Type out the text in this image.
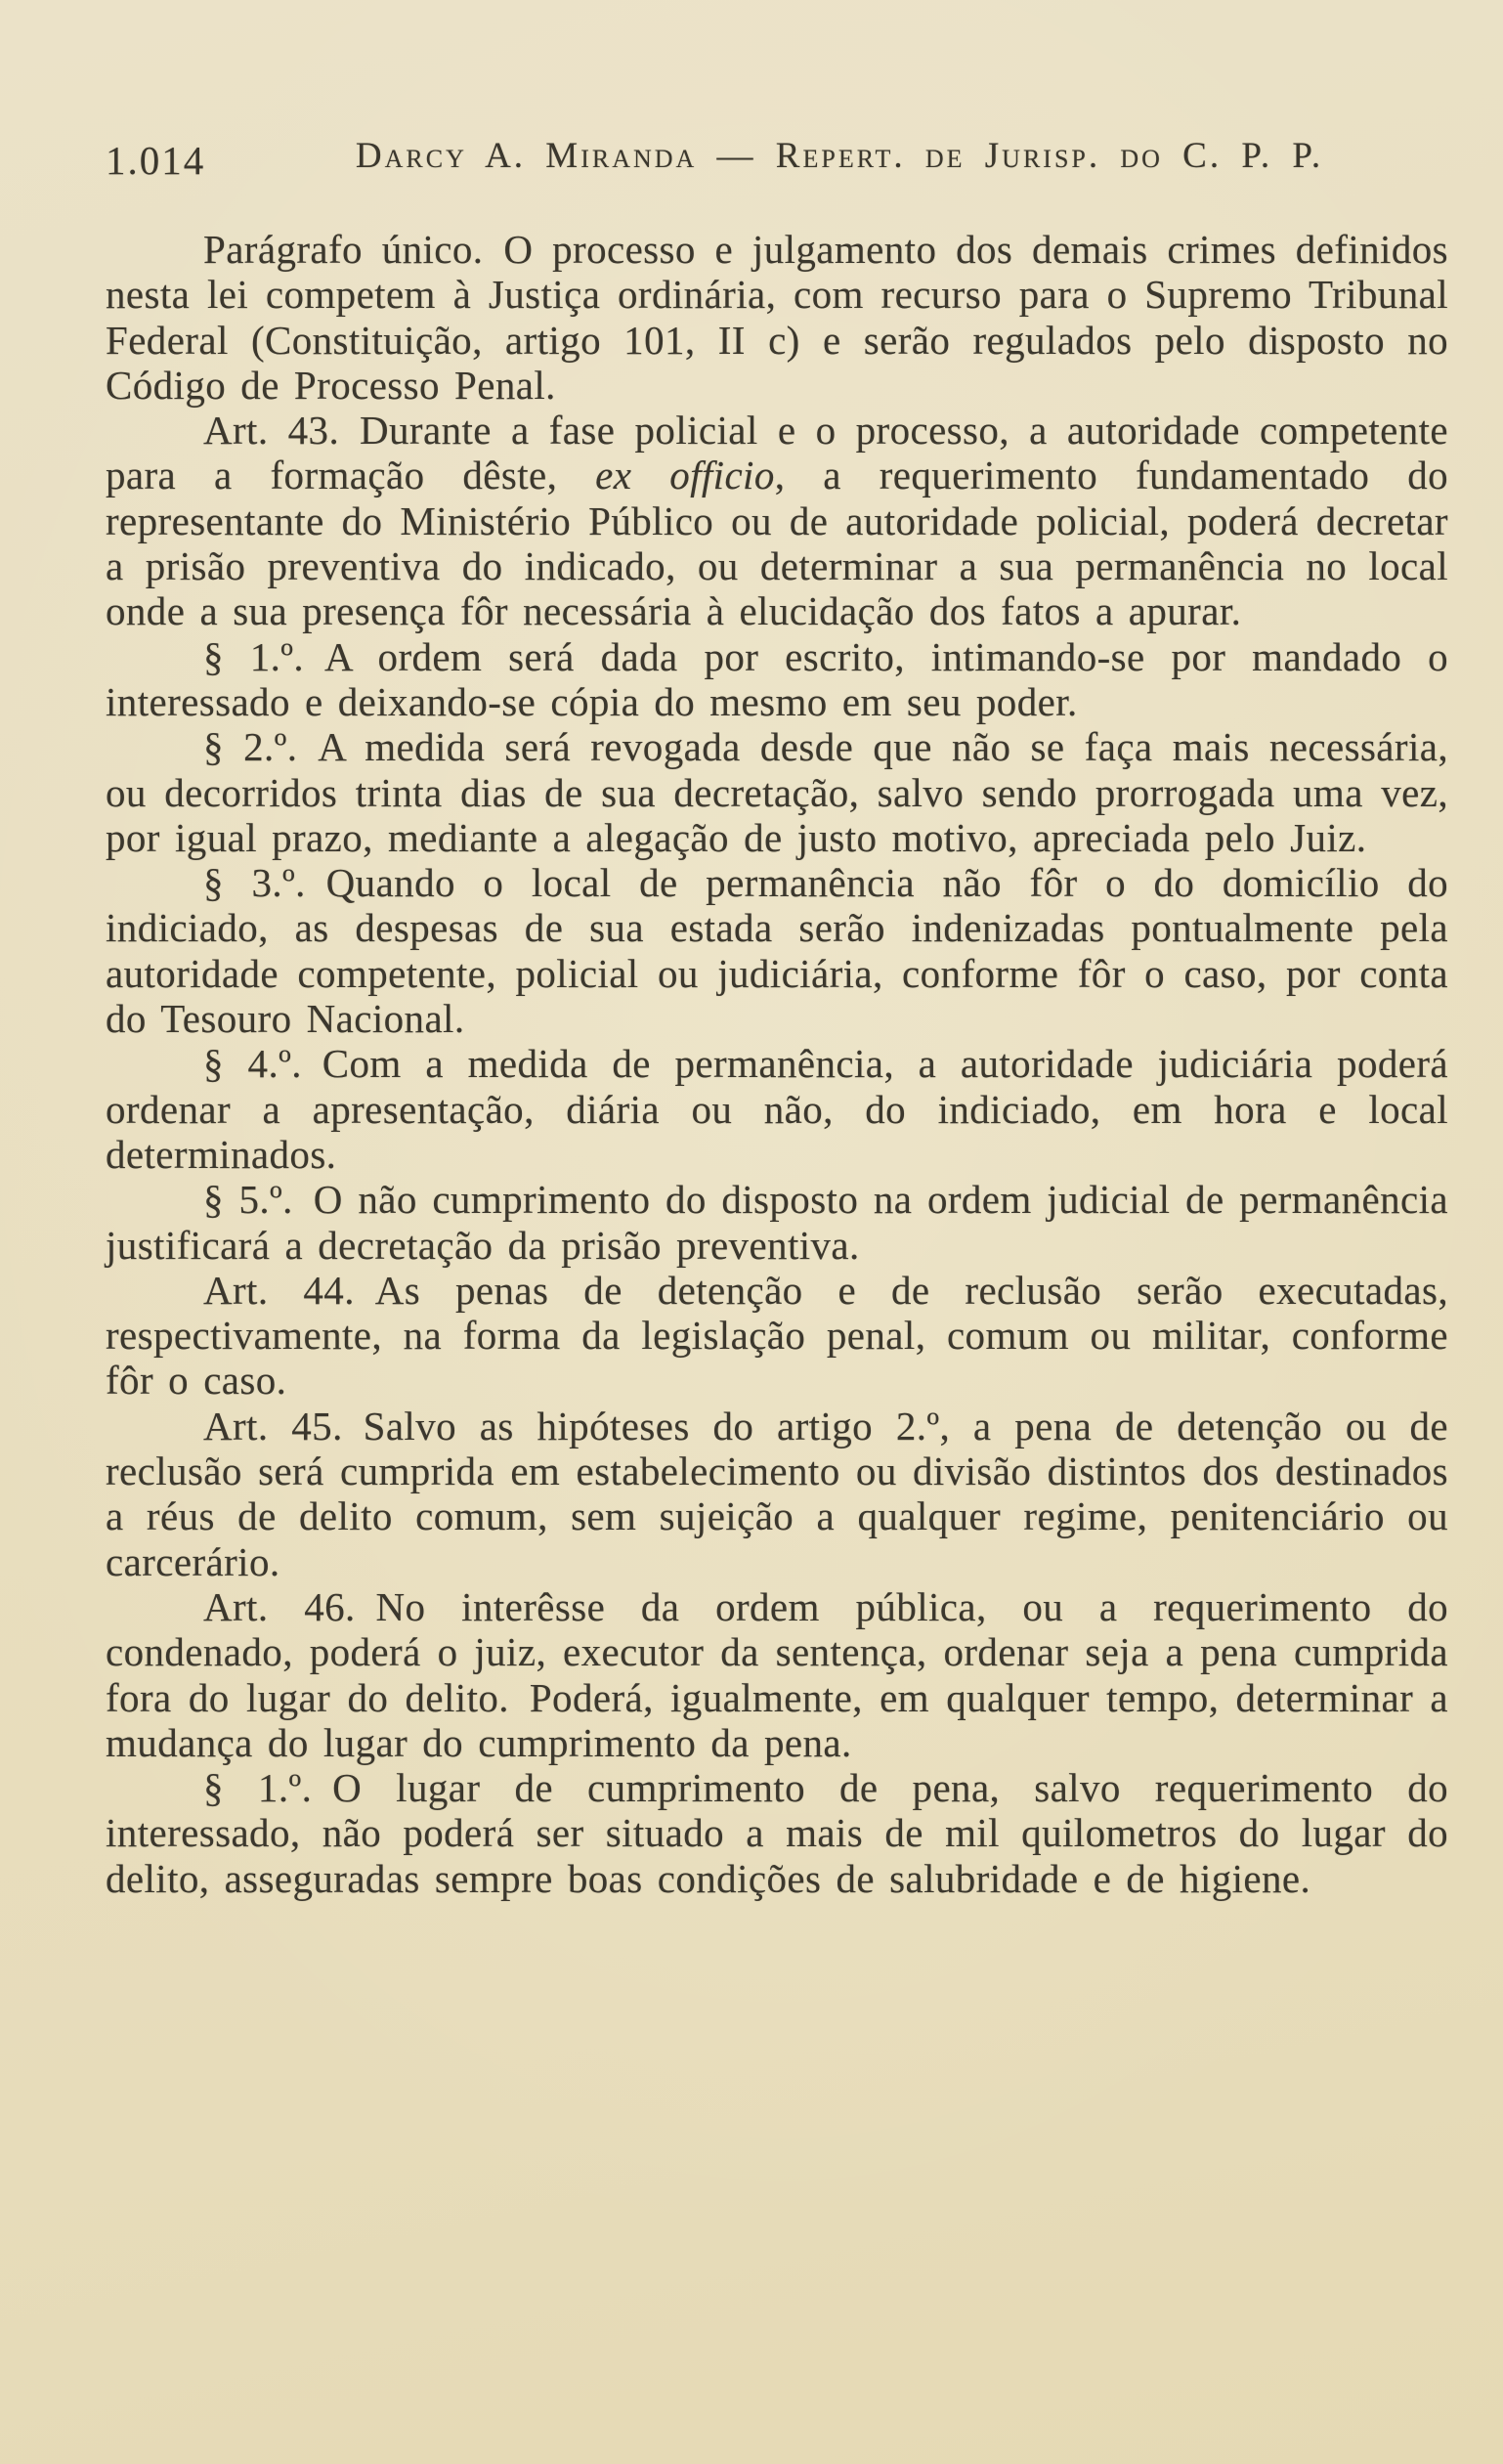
1.014	Darcy A. Miranda — Repert. de Jurisp. do C. P. P.

Parágrafo único. O processo e julgamento dos demais crimes definidos nesta lei competem à Justiça ordinária, com recurso para o Supremo Tribunal Federal (Constituição, artigo 101, II c) e serão regulados pelo disposto no Código de Processo Penal.

Art. 43. Durante a fase policial e o processo, a autoridade competente para a formação dêste, ex officio, a requerimento fundamentado do representante do Ministério Público ou de autoridade policial, poderá decretar a prisão preventiva do indicado, ou determinar a sua permanência no local onde a sua presença fôr necessária à elucidação dos fatos a apurar.

§ 1.º. A ordem será dada por escrito, intimando-se por mandado o interessado e deixando-se cópia do mesmo em seu poder.

§ 2.º. A medida será revogada desde que não se faça mais necessária, ou decorridos trinta dias de sua decretação, salvo sendo prorrogada uma vez, por igual prazo, mediante a alegação de justo motivo, apreciada pelo Juiz.

§ 3.º. Quando o local de permanência não fôr o do domicílio do indiciado, as despesas de sua estada serão indenizadas pontualmente pela autoridade competente, policial ou judiciária, conforme fôr o caso, por conta do Tesouro Nacional.

§ 4.º. Com a medida de permanência, a autoridade judiciária poderá ordenar a apresentação, diária ou não, do indiciado, em hora e local determinados.

§ 5.º. O não cumprimento do disposto na ordem judicial de permanência justificará a decretação da prisão preventiva.

Art. 44. As penas de detenção e de reclusão serão executadas, respectivamente, na forma da legislação penal, comum ou militar, conforme fôr o caso.

Art. 45. Salvo as hipóteses do artigo 2.º, a pena de detenção ou de reclusão será cumprida em estabelecimento ou divisão distintos dos destinados a réus de delito comum, sem sujeição a qualquer regime, penitenciário ou carcerário.

Art. 46. No interêsse da ordem pública, ou a requerimento do condenado, poderá o juiz, executor da sentença, ordenar seja a pena cumprida fora do lugar do delito. Poderá, igualmente, em qualquer tempo, determinar a mudança do lugar do cumprimento da pena.

§ 1.º. O lugar de cumprimento de pena, salvo requerimento do interessado, não poderá ser situado a mais de mil quilometros do lugar do delito, asseguradas sempre boas condições de salubridade e de higiene.
